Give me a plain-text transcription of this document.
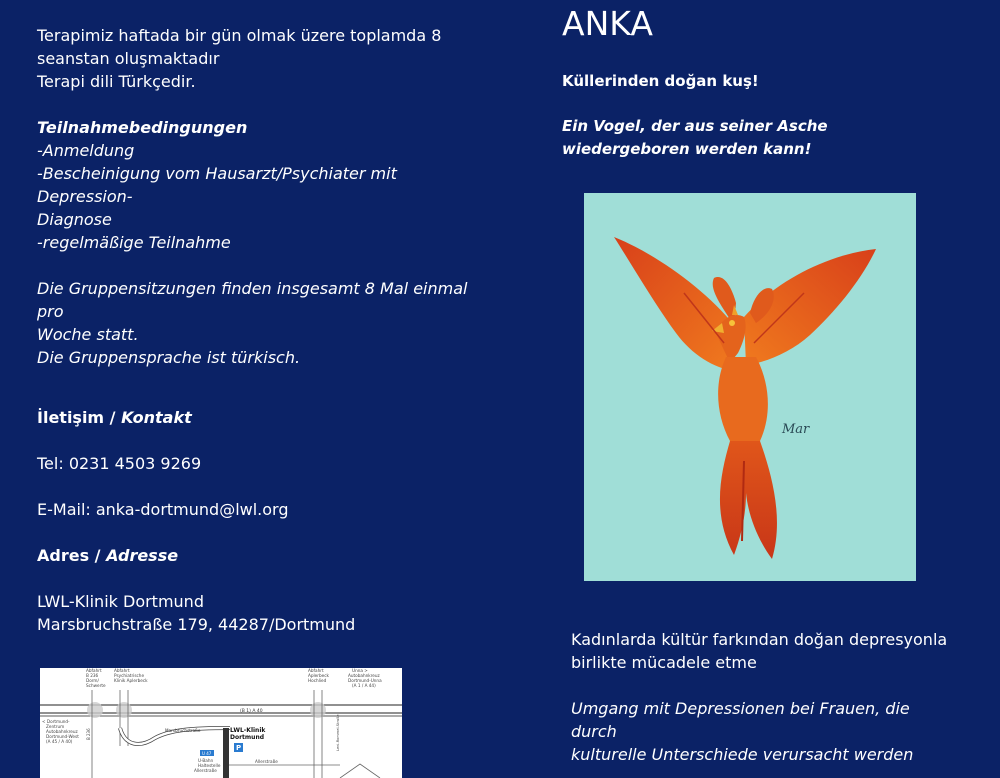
Terapimiz haftada bir gün olmak üzere toplamda 8

seanstan oluşmaktadır

Terapi dili Türkçedir.

Teilnahmebedingungen

-Anmeldung

-Bescheinigung vom Hausarzt/Psychiater mit Depression-

Diagnose

-regelmäßige Teilnahme

Die Gruppensitzungen finden insgesamt 8 Mal einmal pro

Woche statt.

Die Gruppensprache ist türkisch.

İletişim / Kontakt

Tel: 0231 4503 9269

E-Mail: anka-dortmund@lwl.org

Adres / Adresse

LWL-Klinik Dortmund

Marsbruchstraße 179, 44287/Dortmund

ANKA

Küllerinden doğan kuş!

Ein Vogel, der aus seiner Asche
wiedergeboren werden kann!

Mar

Kadınlarda kültür farkından doğan depresyonla

birlikte mücadele etme

Umgang mit Depressionen bei Frauen, die durch

kulturelle Unterschiede verursacht werden

Abfahrt B 236 Dorm/ Schwerte
Abfahrt Psychiatrische Klinik Aplerbeck
Abfahrt Aplerbeck Hochlied
Unna > Autobahnkreuz Dortmund-Unna (A 1 / A 44)
< Dortmund- Zentrum Autobahnkreuz Dortmund-West (A 45 / A 40)
(B 1) A 40
Marsbruchstraße	LWL-Klinik Dortmund
P
U 47
U-Bahn Haltestelle Allerstraße
Allerstraße
B 236	Leni-Rommel-Straße
